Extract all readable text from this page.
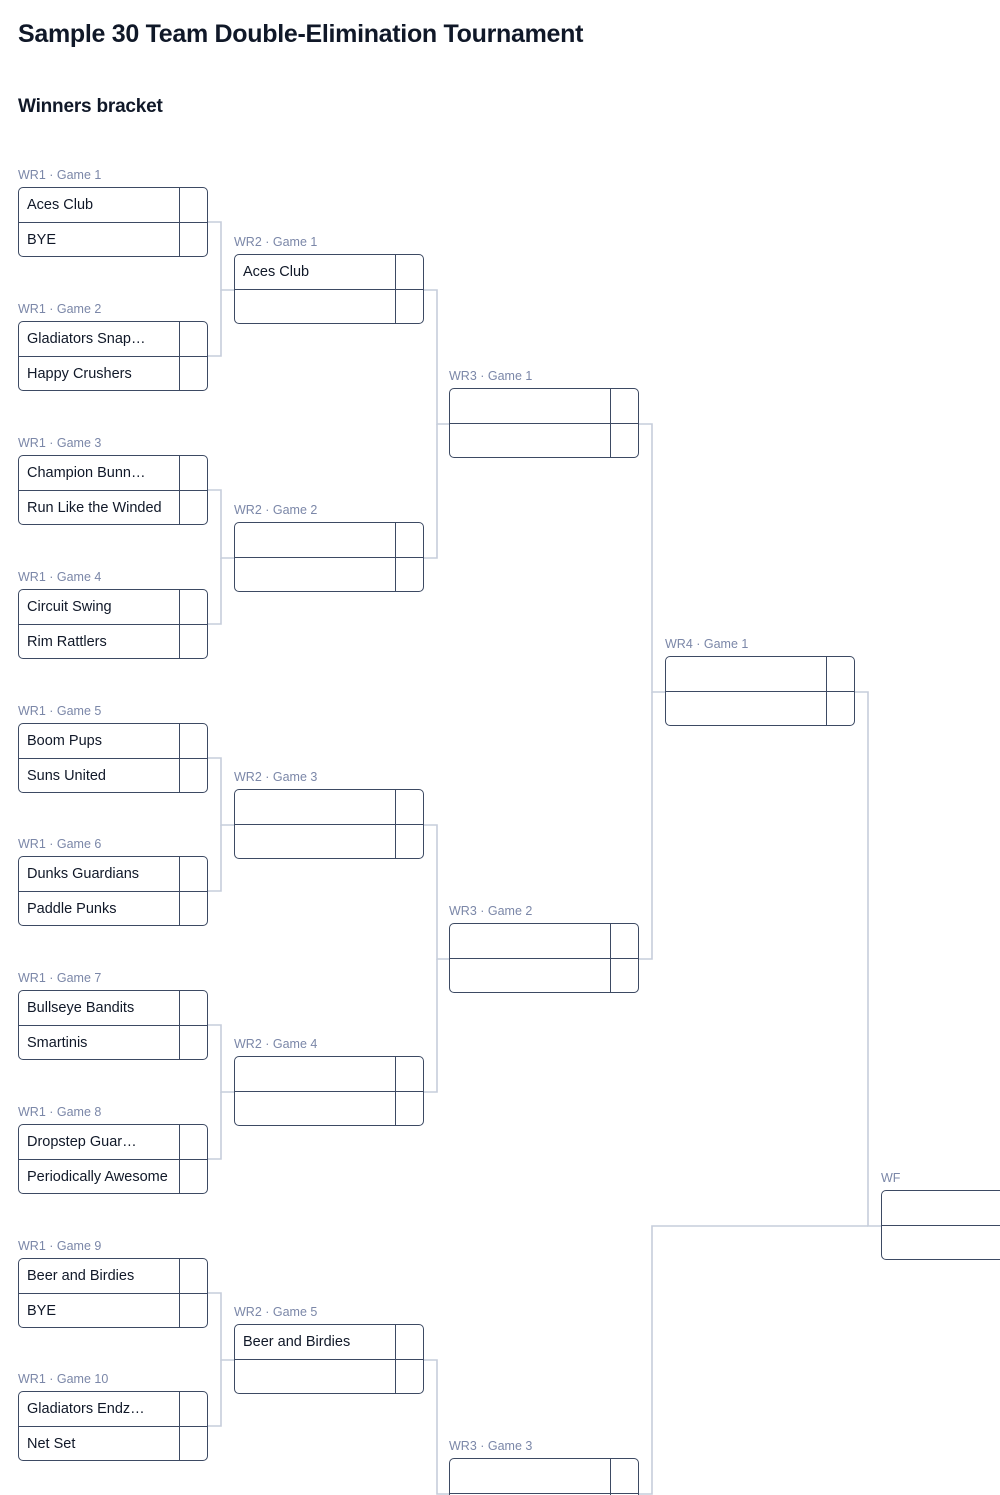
Sample 30 Team Double-Elimination Tournament
Winners bracket
WR1 · Game 1
Aces Club
BYE
WR1 · Game 2
Gladiators Snap…
Happy Crushers
WR1 · Game 3
Champion Bunn…
Run Like the Winded
WR1 · Game 4
Circuit Swing
Rim Rattlers
WR1 · Game 5
Boom Pups
Suns United
WR1 · Game 6
Dunks Guardians
Paddle Punks
WR1 · Game 7
Bullseye Bandits
Smartinis
WR1 · Game 8
Dropstep Guar…
Periodically Awesome
WR1 · Game 9
Beer and Birdies
BYE
WR1 · Game 10
Gladiators Endz…
Net Set
WR2 · Game 1
Aces Club
WR2 · Game 2
WR2 · Game 3
WR2 · Game 4
WR2 · Game 5
Beer and Birdies
WR3 · Game 1
WR3 · Game 2
WR3 · Game 3
WR4 · Game 1
WF
